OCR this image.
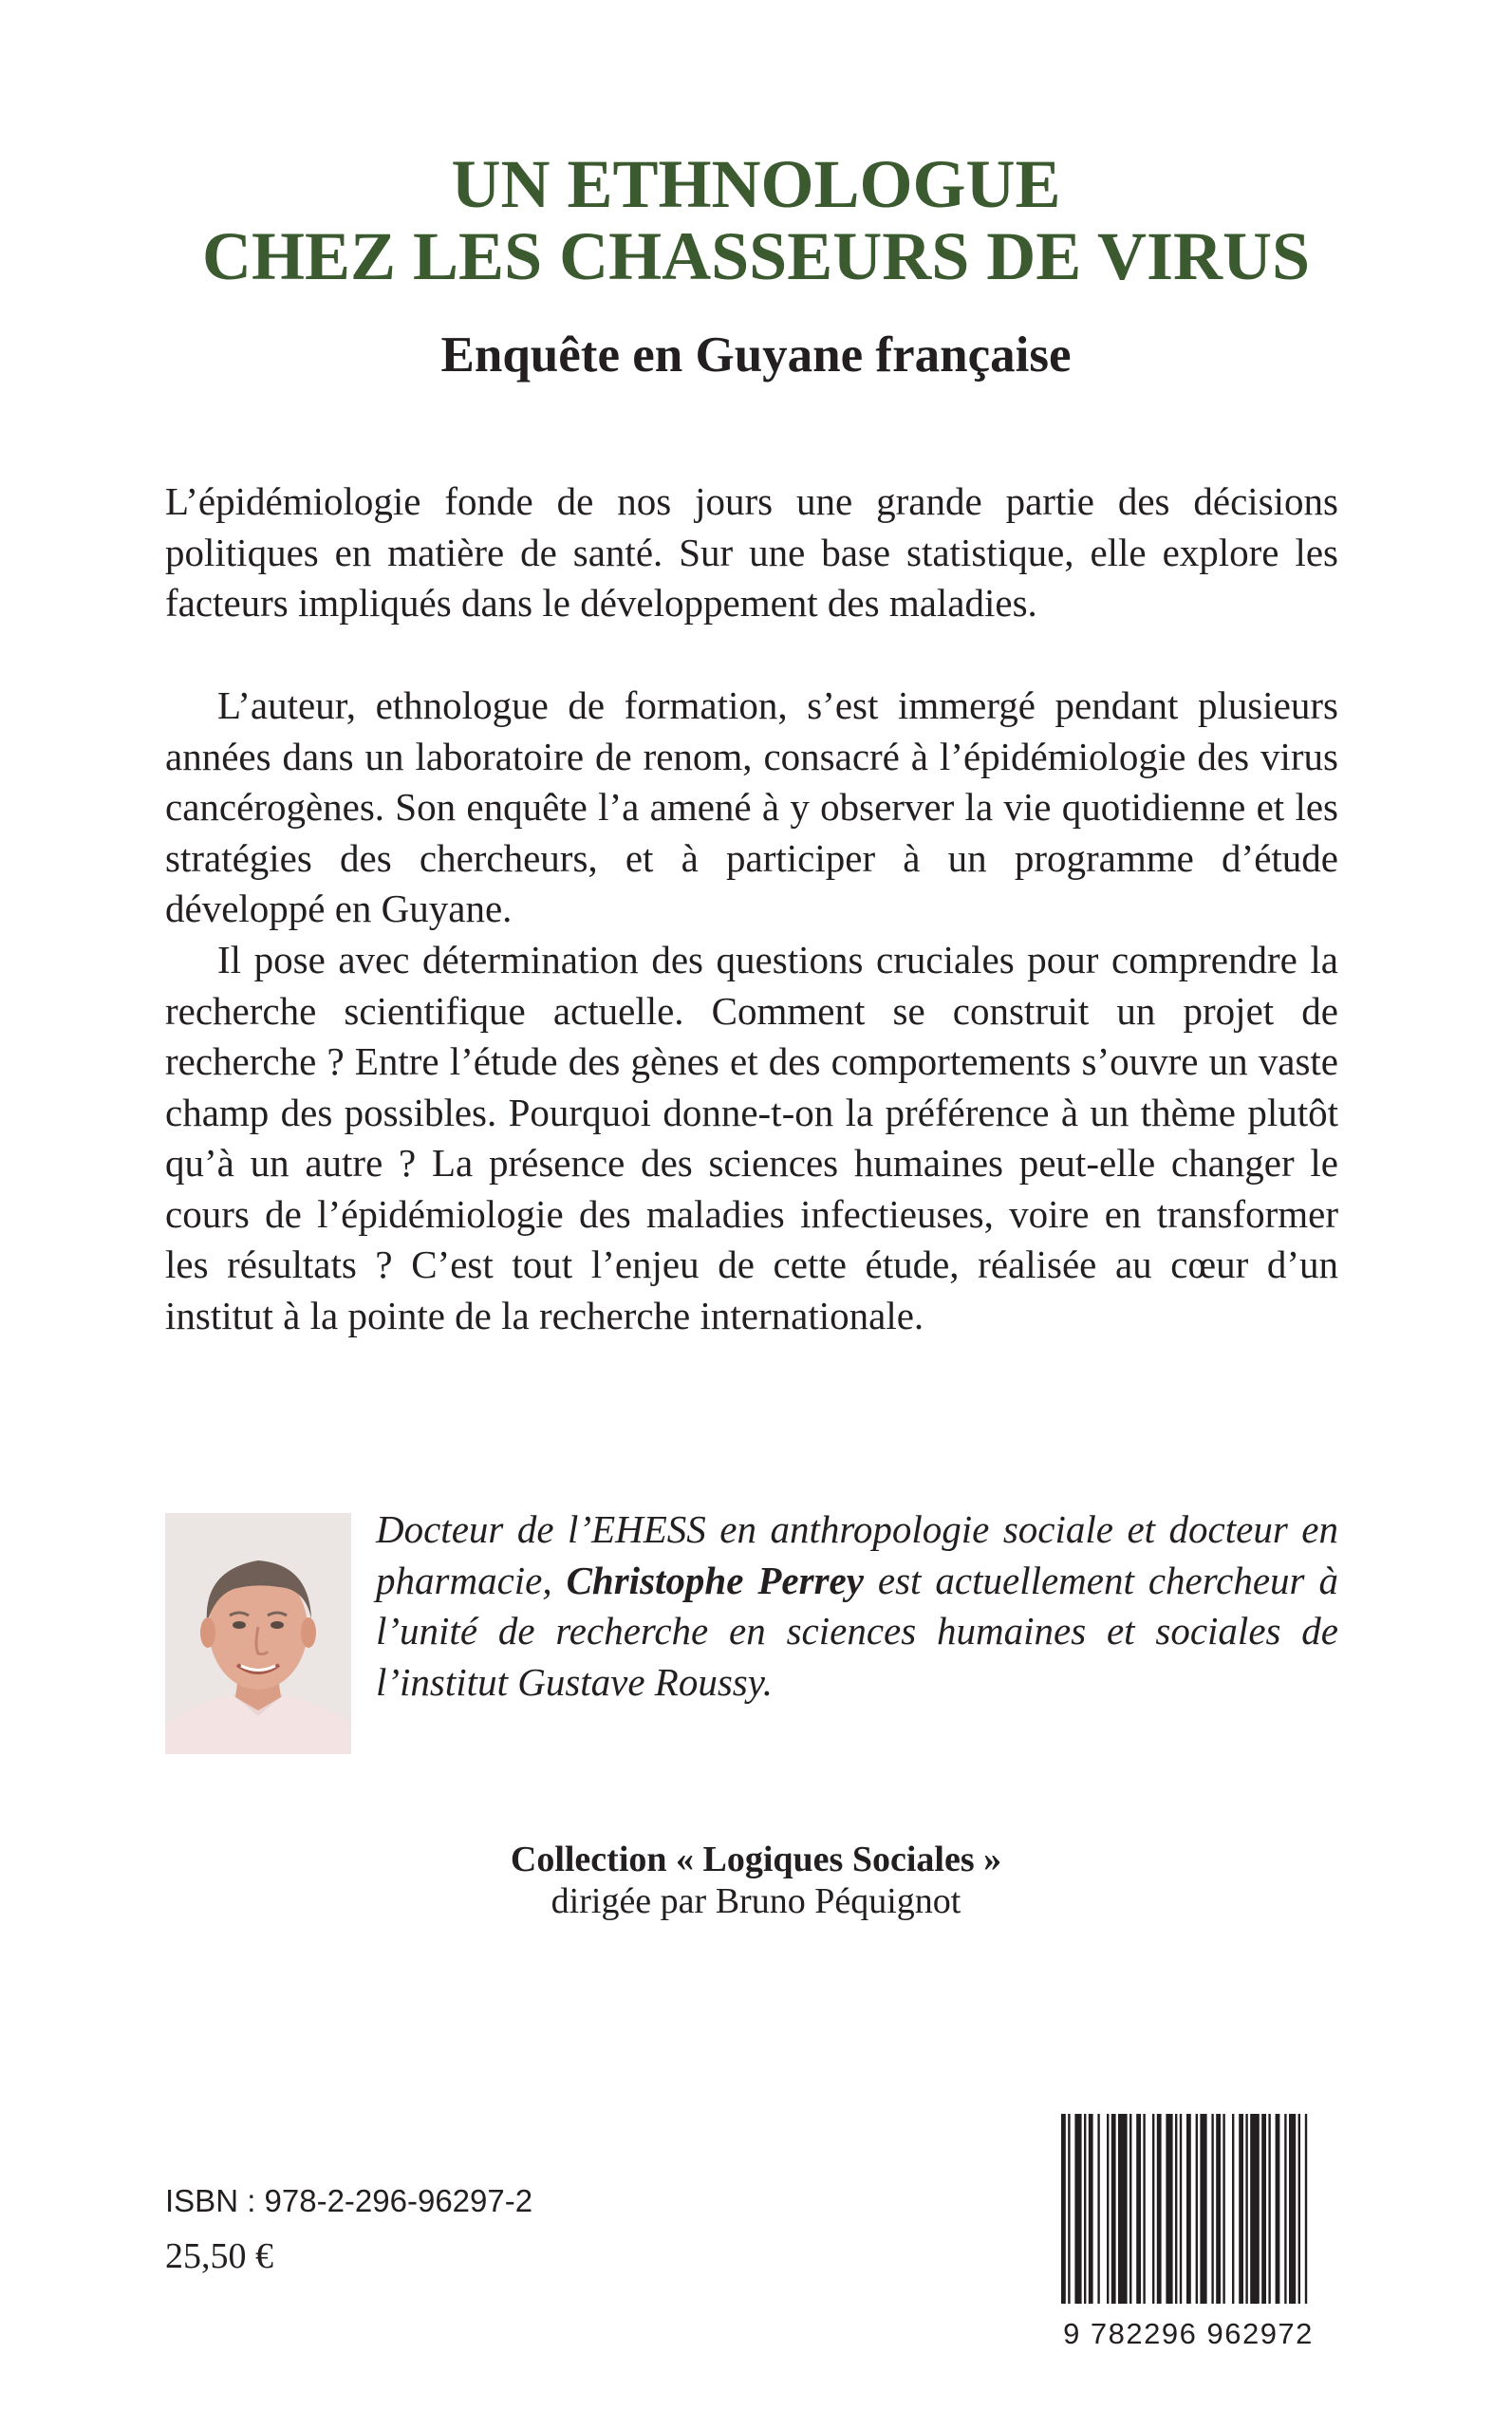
UN ETHNOLOGUE
CHEZ LES CHASSEURS DE VIRUS
Enquête en Guyane française

L’épidémiologie fonde de nos jours une grande partie des décisions politiques en matière de santé. Sur une base statistique, elle explore les facteurs impliqués dans le développement des maladies.

L’auteur, ethnologue de formation, s’est immergé pendant plusieurs années dans un laboratoire de renom, consacré à l’épidémiologie des virus cancérogènes. Son enquête l’a amené à y observer la vie quotidienne et les stratégies des chercheurs, et à participer à un programme d’étude développé en Guyane.

Il pose avec détermination des questions cruciales pour comprendre la recherche scientifique actuelle. Comment se construit un projet de recherche ? Entre l’étude des gènes et des comportements s’ouvre un vaste champ des possibles. Pourquoi donne-t-on la préférence à un thème plutôt qu’à un autre ? La présence des sciences humaines peut-elle changer le cours de l’épidémiologie des maladies infectieuses, voire en transformer les résultats ? C’est tout l’enjeu de cette étude, réalisée au cœur d’un institut à la pointe de la recherche internationale.

Docteur de l’EHESS en anthropologie sociale et docteur en pharmacie, Christophe Perrey est actuellement chercheur à l’unité de recherche en sciences humaines et sociales de l’institut Gustave Roussy.

Collection « Logiques Sociales »
dirigée par Bruno Péquignot

ISBN : 978-2-296-96297-2

25,50 €

9 782296 962972
